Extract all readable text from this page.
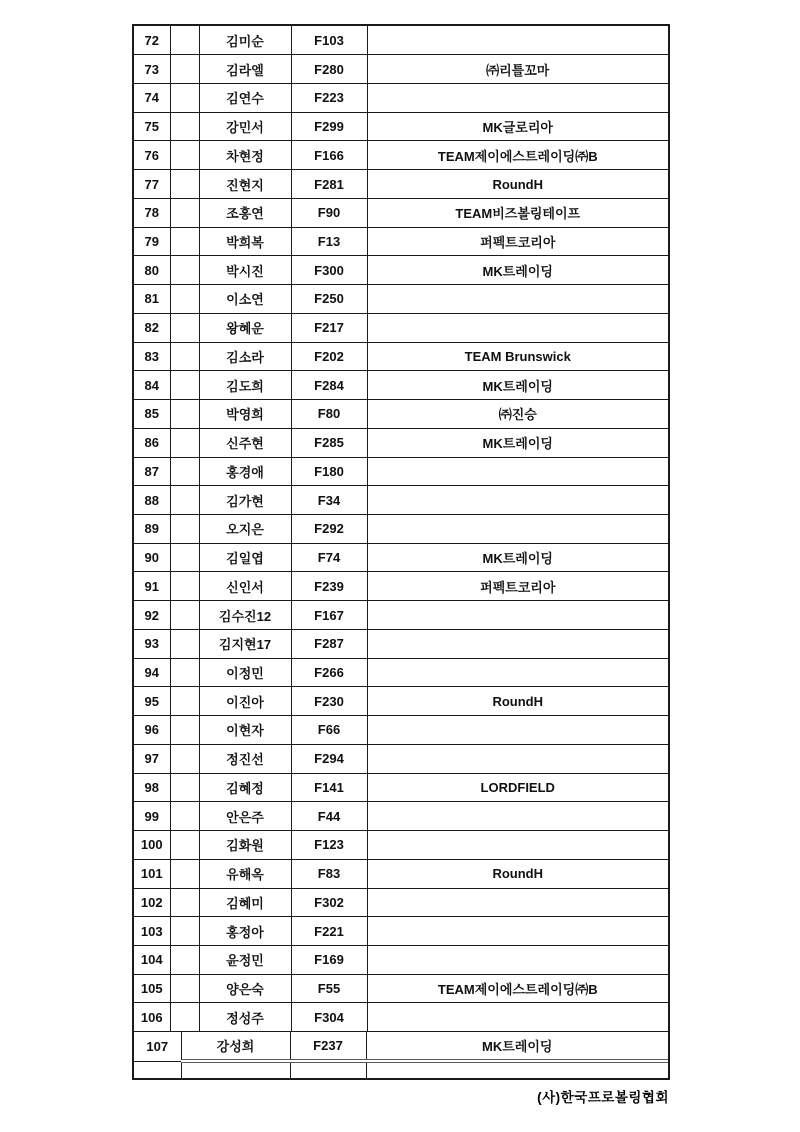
72		김미순	F103	
73		김라엘	F280	㈜리틀꼬마
74		김연수	F223	
75		강민서	F299	MK글로리아
76		차현정	F166	TEAM제이에스트레이딩㈜B
77		진현지	F281	RoundH
78		조홍연	F90	TEAM비즈볼링테이프
79		박희복	F13	퍼펙트코리아
80		박시진	F300	MK트레이딩
81		이소연	F250	
82		왕혜운	F217	
83		김소라	F202	TEAM Brunswick
84		김도희	F284	MK트레이딩
85		박영희	F80	㈜진승
86		신주현	F285	MK트레이딩
87		홍경애	F180	
88		김가현	F34	
89		오지은	F292	
90		김일엽	F74	MK트레이딩
91		신인서	F239	퍼펙트코리아
92		김수진12	F167	
93		김지현17	F287	
94		이정민	F266	
95		이진아	F230	RoundH
96		이현자	F66	
97		정진선	F294	
98		김혜정	F141	LORDFIELD
99		안은주	F44	
100		김화원	F123	
101		유해옥	F83	RoundH
102		김혜미	F302	
103		홍정아	F221	
104		윤정민	F169	
105		양은숙	F55	TEAM제이에스트레이딩㈜B
106		정성주	F304	
107	강성희	F237	MK트레이딩

(사)한국프로볼링협회
